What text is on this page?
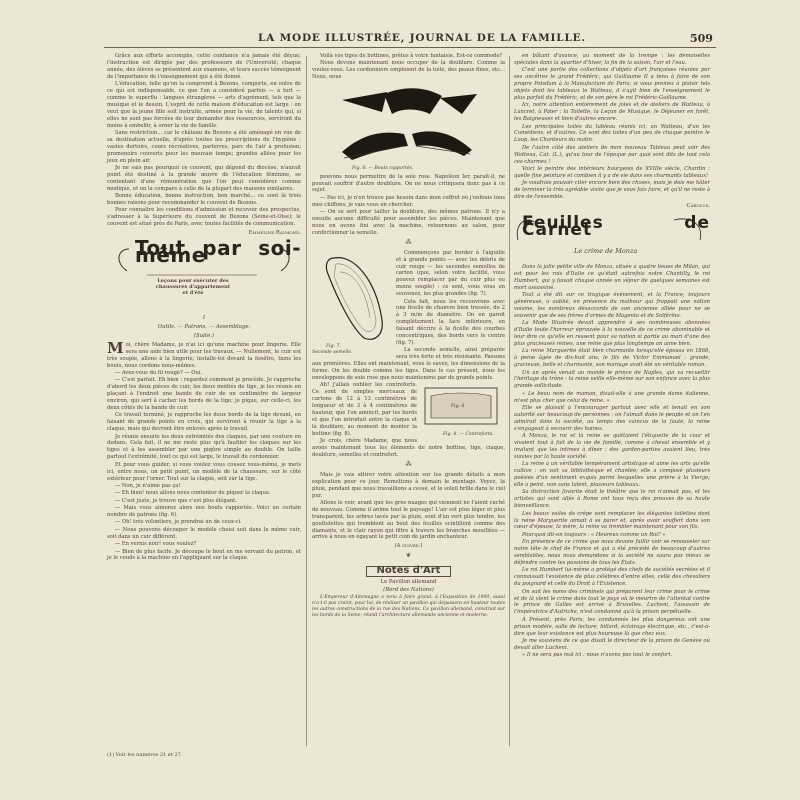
LA MODE ILLUSTRÉE, JOURNAL DE LA FAMILLE.	509

Grâce aux efforts accomplis, cette confiance n'a jamais été déçue; l'instruction est dirigée par des professeurs de l'Université; chaque année, des élèves se présentent aux examens, et leurs succès témoignent de l'importance de l'enseignement qui a été donné.

L'éducation, telle qu'on la comprend à Bezons, comporte, en outre de ce qui est indispensable, ce que l'on a considéré parfois — à tort — comme le superflu : langues étrangères — arts d'agrément, tels que la musique et le dessin. L'esprit de cette maison d'éducation est large : on veut que la jeune fille soit instruite, armée pour la vie, de talents qui, si elles ne sont pas forcées de leur demander des ressources, serviront du moins à embellir, à orner la vie de famille.

Sans restriction... car le château de Bezons a été aménagé en vue de sa destination actuelle, d'après toutes les prescriptions de l'hygiène : vastes dortoirs, cours récréatives, parterres, parc de l'air à profusion; promenoirs couverts pour les mauvais temps; grandes allées pour les jeux en plein air.

Je ne sais pas pourquoi ce couvent, qui dépend du diocèse, n'aurait point été destiné à la grande œuvre de l'éducation féminine, se contentant d'une rémunération que l'on peut considérer comme modique, et on la compare à celle de la plupart des maisons similaires.

Bonne éducation, bonne instruction, bon marché... ce sont là trois bonnes raisons pour recommander le couvent de Bezons.

Pour connaître les conditions d'admission et recevoir des prospectus, s'adresser à la Supérieure du couvent de Bezons (Seine-et-Oise); le couvent est situé près de Paris, avec toutes facilités de communication.

Emmeline Raymond.
Tout par soi-même
Leçons pour exécuter des chaussures d'appartement et d'été
I
Outils. — Patrons. — Assemblage.
(Suite.)

Moi, chère Madame, je n'ai ici qu'une machine pour lingerie. Elle sera une aide bien utile pour les travaux. — Nullement, le cuir est très souple, allons à la lingerie; installe-toi devant la fenêtre, tiens les bouts, nous cordons nous-mêmes.

— Avez-vous du fil rouge? — Oui.

— C'est parfait. Eh bien : regardez comment je procède. Je rapproche d'abord les deux pièces de cuir, les deux moitiés de tige, je les réunis en plaçant à l'endroit une bande de cuir de un centimètre de largeur environ, qui sert à cacher les bords de la tige; je pique, sur celle-ci, les deux côtés de la bande de cuir.

Ce travail terminé, je rapproche les deux bords de la tige devant, en faisant de grands points en croix, qui serviront à réunir la tige à la claque, mais qui devront être enlevés après le travail.

Je réunis ensuite les deux extrémités des claques, par une couture en dedans. Cela fait, il ne me reste plus qu'à faufiler les claques sur les tiges et à les assembler par une piqûre simple au double. On taille partout l'extrémité, tout ce qui est large, le travail du cordonnier.

Et pour vous guider, si vous voulez vous cousez vous-même, je mets ici, entre nous, un petit point, un modèle de la chaussure, sur le côté extérieur pour l'orner. Tout sur la claque, soit sur la tige.

— Non, je n'aime pas ça!

— Eh bien! nous allons nous contenter de piquer la claque.

— C'est juste, je trouve que c'est plus élégant.

— Mais vous aimerez alors nos bouts rapportés. Voici un certain nombre de patrons (fig. 6).

— Oh! très volontiers, je prendrai un de ceux-ci.

— Nous pouvons découper le modèle choisi soit dans le même cuir, soit dans un cuir différent.

— En vernis noir! vous voulez?

— Bien de plus facile. Je découpe le bout en me servant du patron, et je le couds à la machine en l'appliquant sur la claque.

(1) Voir les numéros 21 et 27.

Voilà vos tiges de bottines, prêtes à votre fantaisie. Est-ce commode?

Nous devons maintenant nous occuper de la doublure. Comme la voulez-vous. Les cordonniers emploient de la toile, des peaux fines, etc... Nous, nous

Fig. 6. — Bouts rapportés.

pouvons nous permettre de la soie rose. Napoléon Ier, paraît-il, ne pouvait souffrir d'autre doublure. On ne nous critiquera donc pas à ce sujet.

— Pas ici, je n'en trouve pas besoin dans mon coffret où j'enfouis tous mes chiffons; je vais vous en chercher.

— On se sert pour tailler la doublure, des mêmes patrons. Il n'y a ensuite aucune difficulté pour assembler les pièces. Maintenant que nous en avons fini avec la machine, retournons au salon, pour confectionner la semelle.

⁂
Fig. 7.
Seconde semelle.

Commençons par border à l'aiguille et à grands points — avec les débris de cuir rouge — les secondes semelles de carton (que, selon votre facilité, vous pouvez remplacer par du cuir plus ou moins souple) : ce sont, vous vous en souvenez, les plus grandes (fig. 7).

Cela fait, nous les recouvrons avec une ficelle de chanvre bien tressée, de 2 à 3 m/m de diamètre. On en garnit complètement la face inférieure, en faisant décrire à la ficelle des courbes concentriques, des bords vers le centre (fig. 7).

La seconde semelle, ainsi préparée sera très forte et très résistante. Passons aux premières. Elles ont maintenant, vous le savez, les dimensions de la forme. On les double comme les tiges. Dans le cas présent, nous les enveloppons de soie rose que nous maintenons par de grands points.

Fig. 8
Fig. 8. — Contreforts.

Ah! j'allais oublier les contreforts. Ce sont de simples morceaux de cartons de 12 à 13 centimètres de longueur et de 3 à 4 centimètres de hauteur, que l'on amincit, par les bords et que l'on introduit entre la claque et la doublure, au moment de monter la bottine (fig. 8).

Je crois, chère Madame, que nous avons maintenant tous les éléments de notre bottine, tige, claque, doublure, semelles et contrefort.

⁂

Mais je vais attirer votre attention sur les grands détails à mon explication pour ce jour. Remettons à demain le montage. Voyez, la pluie, pendant que nous travaillions a cessé, et le soleil brille dans le ciel pur.

Allons le voir, avant que les gros nuages qui viennent ne l'aient caché de nouveau. Comme il anime tout le paysage! L'air est plus léger et plus transparent, les arbres lavés par la pluie, sont d'un vert plus tendre, les gouttelettes qui tremblent au bout des feuilles scintillent comme des diamants, et le clair rayon qui filtre à travers les branches mouillées — arrive à nous en égayant le petit coin de jardin enchanteur.

(A suivre.)
❦
Notes d'Art
Le Pavillon allemand
(Bord des Nations)

L'Empereur d'Allemagne a tenu à faire grand, à l'Exposition de 1900, aussi n'a-t-il pas craint, pour lui, de réaliser un pavillon qui dépassera en hauteur toutes les autres constructions de la rue des Nations. Ce pavillon allemand, construit sur les bords de la Seine, réunit l'architecture allemande ancienne et moderne.

en bâtant d'avance, au moment de la trempe : les demoiselles spéciales dans la quartier d'hiver, la fin de la saison, l'air et l'eau.

C'est une partie des collections d'objets d'art françaises réunies par ses ancêtres le grand Frédéric, qui Guillaume II a tenu à faire de son propre Potsdam à la Manufacture de Paris; si vous preniez à plaisir tels objets dont les tableaux le Watteau, il s'agit bien de l'enseignement le plus parfait du Frédéric, et de son père le roi Frédéric-Guillaume.

Ici, notre attention entièrement de joies et de ateliers de Watteau, à Lancret, à Pater : la Toilette, la Leçon de Musique, le Déjeuner en forêt, les Baigneuses et bien d'autres encore.

Les principales toiles du tableau réunis ici, un Watteau, d'un les Comédiens, et d'autres. Ce sont des toiles d'un peu de chaque peintre le Loup, les Chanteurs du matin.

De l'autre côté des ateliers de mon nouveau Tableau peut voir des Watteau, Cat. (L.), qu'au tour de l'époque par quoi sont dits de tout cela ces charmes !

Voici le peintre des intérieurs bourgeois de XVIIIe siècle, Chardin : quelle fine peinture et combien il y a de vie dans ses charmants tableaux!

Je voudrais pouvoir citer encore bien des choses, mais je dois me hâter de terminer la très agréable visite que je vous fais faire, et qu'il ne reste à dire de l'ensemble.

Carolus.
Feuilles de Carnet
Le crime de Monza

Dans la jolie petite ville de Monza, située à quatre lieues de Milan, qui est pour les rois d'Italie ce qu'était autrefois notre Chantilly, le roi Humbert, qui y faisait chaque année un séjour de quelques semaines est mort assassiné.

Tout a été dit sur ce tragique événement, et la France, toujours généreuse, a oublié, en présence du malheur qui frappait une nation voisine, les nombreux désaccords de son ancienne alliée pour ne se souvenir que de ses frères d'armes de Magenta et de Solférino.

La Mode Illustrée devait apprendre à ses nombreuses abonnées d'Italie toute l'horreur éprouvée à la nouvelle de ce crime abominable et leur dire ce qu'elle en ressent pour sa nation si partie au mari d'une des plus gracieuses reines, une reine que plus longtemps on aime bien.

La reine Marguerite était bien charmante lorsqu'elle épousa en 1868, à peine âgée de dix-huit ans, le fils de Victor Emmanuel : grande, gracieuse, belle et charmante, son mariage avait été un véritable roman.

Un an après venait au monde le prince de Naples, qui va recueillir l'héritage du trône : la reine veille elle-même sur son enfance avec la plus grande sollicitude.

« Le beau nom de maman, disait-elle à une grande dame italienne, m'est plus cher que celui de reine. »

Elle se plaisait à l'encourager partout avec elle et tenait en son autorité sur beaucoup de personnes : on l'aimait dans le peuple et on l'en admirait dans la société, au temps des vaincus de la faute, la reine s'engageait à secourir des haines.

À Monza, le roi et la reine se quittaient l'étiquette de la cour et vivaient tout à fait de la vie de famille, comme à cheval ensemble et y invitant que les intimes à dîner : des garden-parties avaient lieu, très suivies par la haute société.

La reine a un véritable tempérament artistique et aime les arts qu'elle cultive : on voit sa bibliothèque et chantée; elle a composé plusieurs poésies d'un sentiment exquis parmi lesquelles une prière à la Vierge; elle a peint, non sans talent, plusieurs tableaux.

Sa distraction favorite était le théâtre que le roi n'aimait pas, et les artistes qui sont allés à Rome ont tous reçu des preuves de sa haute bienveillance.

Les beaux voiles de crêpe vont remplacer les élégantes toilettes dont la reine Marguerite aimait à se parer et, après avoir souffert dans son cœur d'épouse, la mère, la reine va trembler maintenant pour son fils.

Pourquoi dit-on toujours : « Heureux comme un Roi? »

En présence de ce crime que nous devons faillir voir se renouveler sur notre tête le chef de France et qui a été précédé de beaucoup d'autres semblables, nous nous demandons si la société ne saura pas mieux se défendre contre les passions de tous les États.

Le roi Humbert lui-même a protégé des chefs de sociétés secrètes et il connaissait l'existence de plus célèbres d'entre elles, celle des chevaliers du poignard et celle du Droit à l'Existence.

On sait les noms des criminels qui préparent leur crime pour le crime et de là vient le crime dans tout le pays où le meurtre de l'attentat contre le prince de Galles est arrivé à Bruxelles. Lucheni, l'assassin de l'impératrice d'Autriche, n'est condamné qu'à la prison perpétuelle.

À Présent, près Paris, les condamnés les plus dangereux ont une prison modèle, salle de lecture, billard, éclairage électrique, etc., c'est-à-dire que leur existence est plus heureuse là que chez eux.

Je me souviens de ce que disait le directeur de la prison de Genève où devait aller Lucheni.

« Il ne sera pas mal ici : nous n'avons pas tout le confort.
